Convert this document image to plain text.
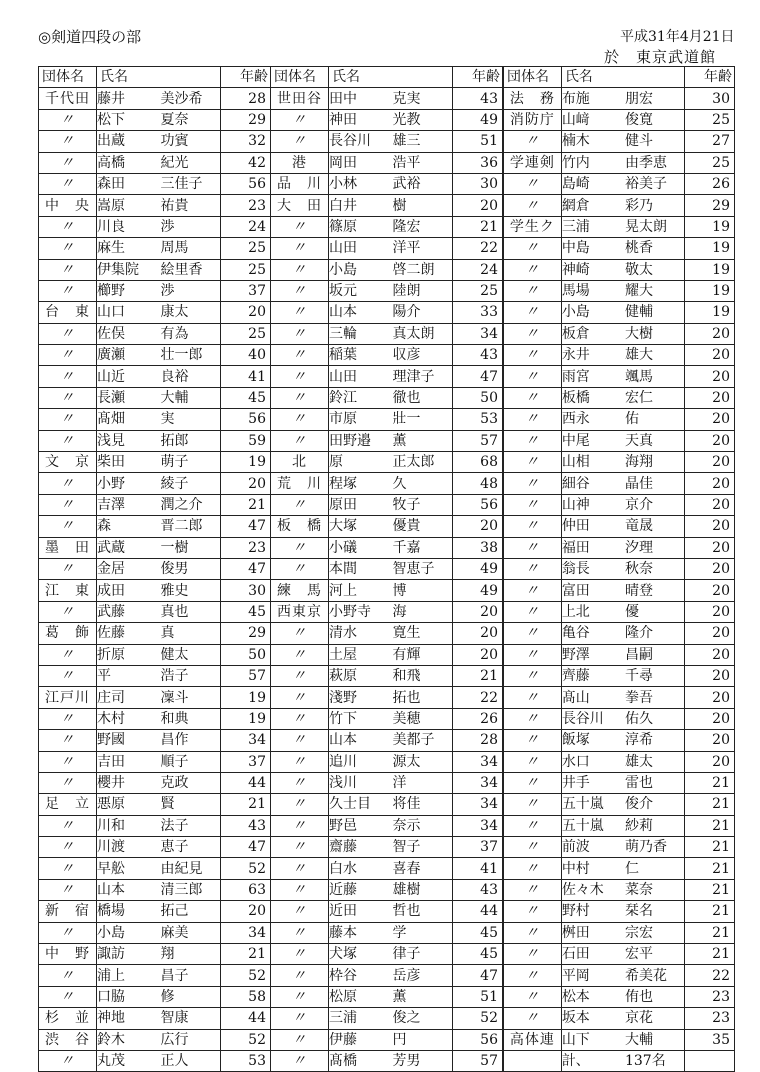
◎剣道四段の部	平成31年4月21日
於　東京武道館
団体名	氏名		年齢
千代田	藤井	美沙希	28
〃	松下	夏奈	29
〃	出蔵	功賓	32
〃	高橋	紀光	42
〃	森田	三佳子	56
中　央	嵩原	祐貴	23
〃	川良	渉	24
〃	麻生	周馬	25
〃	伊集院	絵里香	25
〃	櫛野	渉	37
台　東	山口	康太	20
〃	佐俣	有為	25
〃	廣瀬	壮一郎	40
〃	山近	良裕	41
〃	長瀬	大輔	45
〃	髙畑	実	56
〃	浅見	拓郎	59
文　京	柴田	萌子	19
〃	小野	綾子	20
〃	吉澤	潤之介	21
〃	森	晋二郎	47
墨　田	武蔵	一樹	23
〃	金居	俊男	47
江　東	成田	雅史	30
〃	武藤	真也	45
葛　飾	佐藤	真	29
〃	折原	健太	50
〃	平	浩子	57
江戸川	庄司	凜斗	19
〃	木村	和典	19
〃	野國	昌作	34
〃	吉田	順子	37
〃	櫻井	克政	44
足　立	悪原	賢	21
〃	川和	法子	43
〃	川渡	恵子	47
〃	早舩	由紀見	52
〃	山本	清三郎	63
新　宿	橋場	拓己	20
〃	小島	麻美	34
中　野	諏訪	翔	21
〃	浦上	昌子	52
〃	口脇	修	58
杉　並	神地	智康	44
渋　谷	鈴木	広行	52
〃	丸茂	正人	53
団体名	氏名		年齢
世田谷	田中	克実	43
〃	神田	光教	49
〃	長谷川	雄三	51
港	岡田	浩平	36
品　川	小林	武裕	30
大　田	白井	樹	20
〃	篠原	隆宏	21
〃	山田	洋平	22
〃	小島	啓二朗	24
〃	坂元	陸朗	25
〃	山本	陽介	33
〃	三輪	真太朗	34
〃	稲葉	収彦	43
〃	山田	理津子	47
〃	鈴江	徹也	50
〃	市原	壯一	53
〃	田野邉	薫	57
北	原	正太郎	68
荒　川	程塚	久	48
〃	原田	牧子	56
板　橋	大塚	優貴	20
〃	小礒	千嘉	38
〃	本間	智恵子	49
練　馬	河上	博	49
西東京	小野寺	海	20
〃	清水	寛生	20
〃	土屋	有輝	20
〃	萩原	和飛	21
〃	淺野	拓也	22
〃	竹下	美穂	26
〃	山本	美都子	28
〃	追川	源太	34
〃	浅川	洋	34
〃	久士目	将佳	34
〃	野邑	奈示	34
〃	齋藤	智子	37
〃	白水	喜春	41
〃	近藤	雄樹	43
〃	近田	哲也	44
〃	藤本	学	45
〃	犬塚	律子	45
〃	枠谷	岳彦	47
〃	松原	薫	51
〃	三浦	俊之	52
〃	伊藤	円	56
〃	髙橋	芳男	57
団体名	氏名		年齢
法　務	布施	朋宏	30
消防庁	山﨑	俊寛	25
〃	楠木	健斗	27
学連剣	竹内	由季恵	25
〃	島崎	裕美子	26
〃	網倉	彩乃	29
学生ク	三浦	晃太朗	19
〃	中島	桃香	19
〃	神崎	敬太	19
〃	馬場	耀大	19
〃	小島	健輔	19
〃	板倉	大樹	20
〃	永井	雄大	20
〃	雨宮	颯馬	20
〃	板橋	宏仁	20
〃	西永	佑	20
〃	中尾	天真	20
〃	山相	海翔	20
〃	細谷	晶佳	20
〃	山神	京介	20
〃	仲田	竜晟	20
〃	福田	汐理	20
〃	翁長	秋奈	20
〃	富田	晴登	20
〃	上北	優	20
〃	亀谷	隆介	20
〃	野澤	昌嗣	20
〃	齊藤	千尋	20
〃	髙山	拳吾	20
〃	長谷川	佑久	20
〃	飯塚	淳希	20
〃	水口	雄太	20
〃	井手	雷也	21
〃	五十嵐	俊介	21
〃	五十嵐	紗莉	21
〃	前波	萌乃香	21
〃	中村	仁	21
〃	佐々木	菜奈	21
〃	野村	栞名	21
〃	桝田	宗宏	21
〃	石田	宏平	21
〃	平岡	希美花	22
〃	松本	侑也	23
〃	坂本	京花	23
高体連	山下	大輔	35
	計、	137名	
